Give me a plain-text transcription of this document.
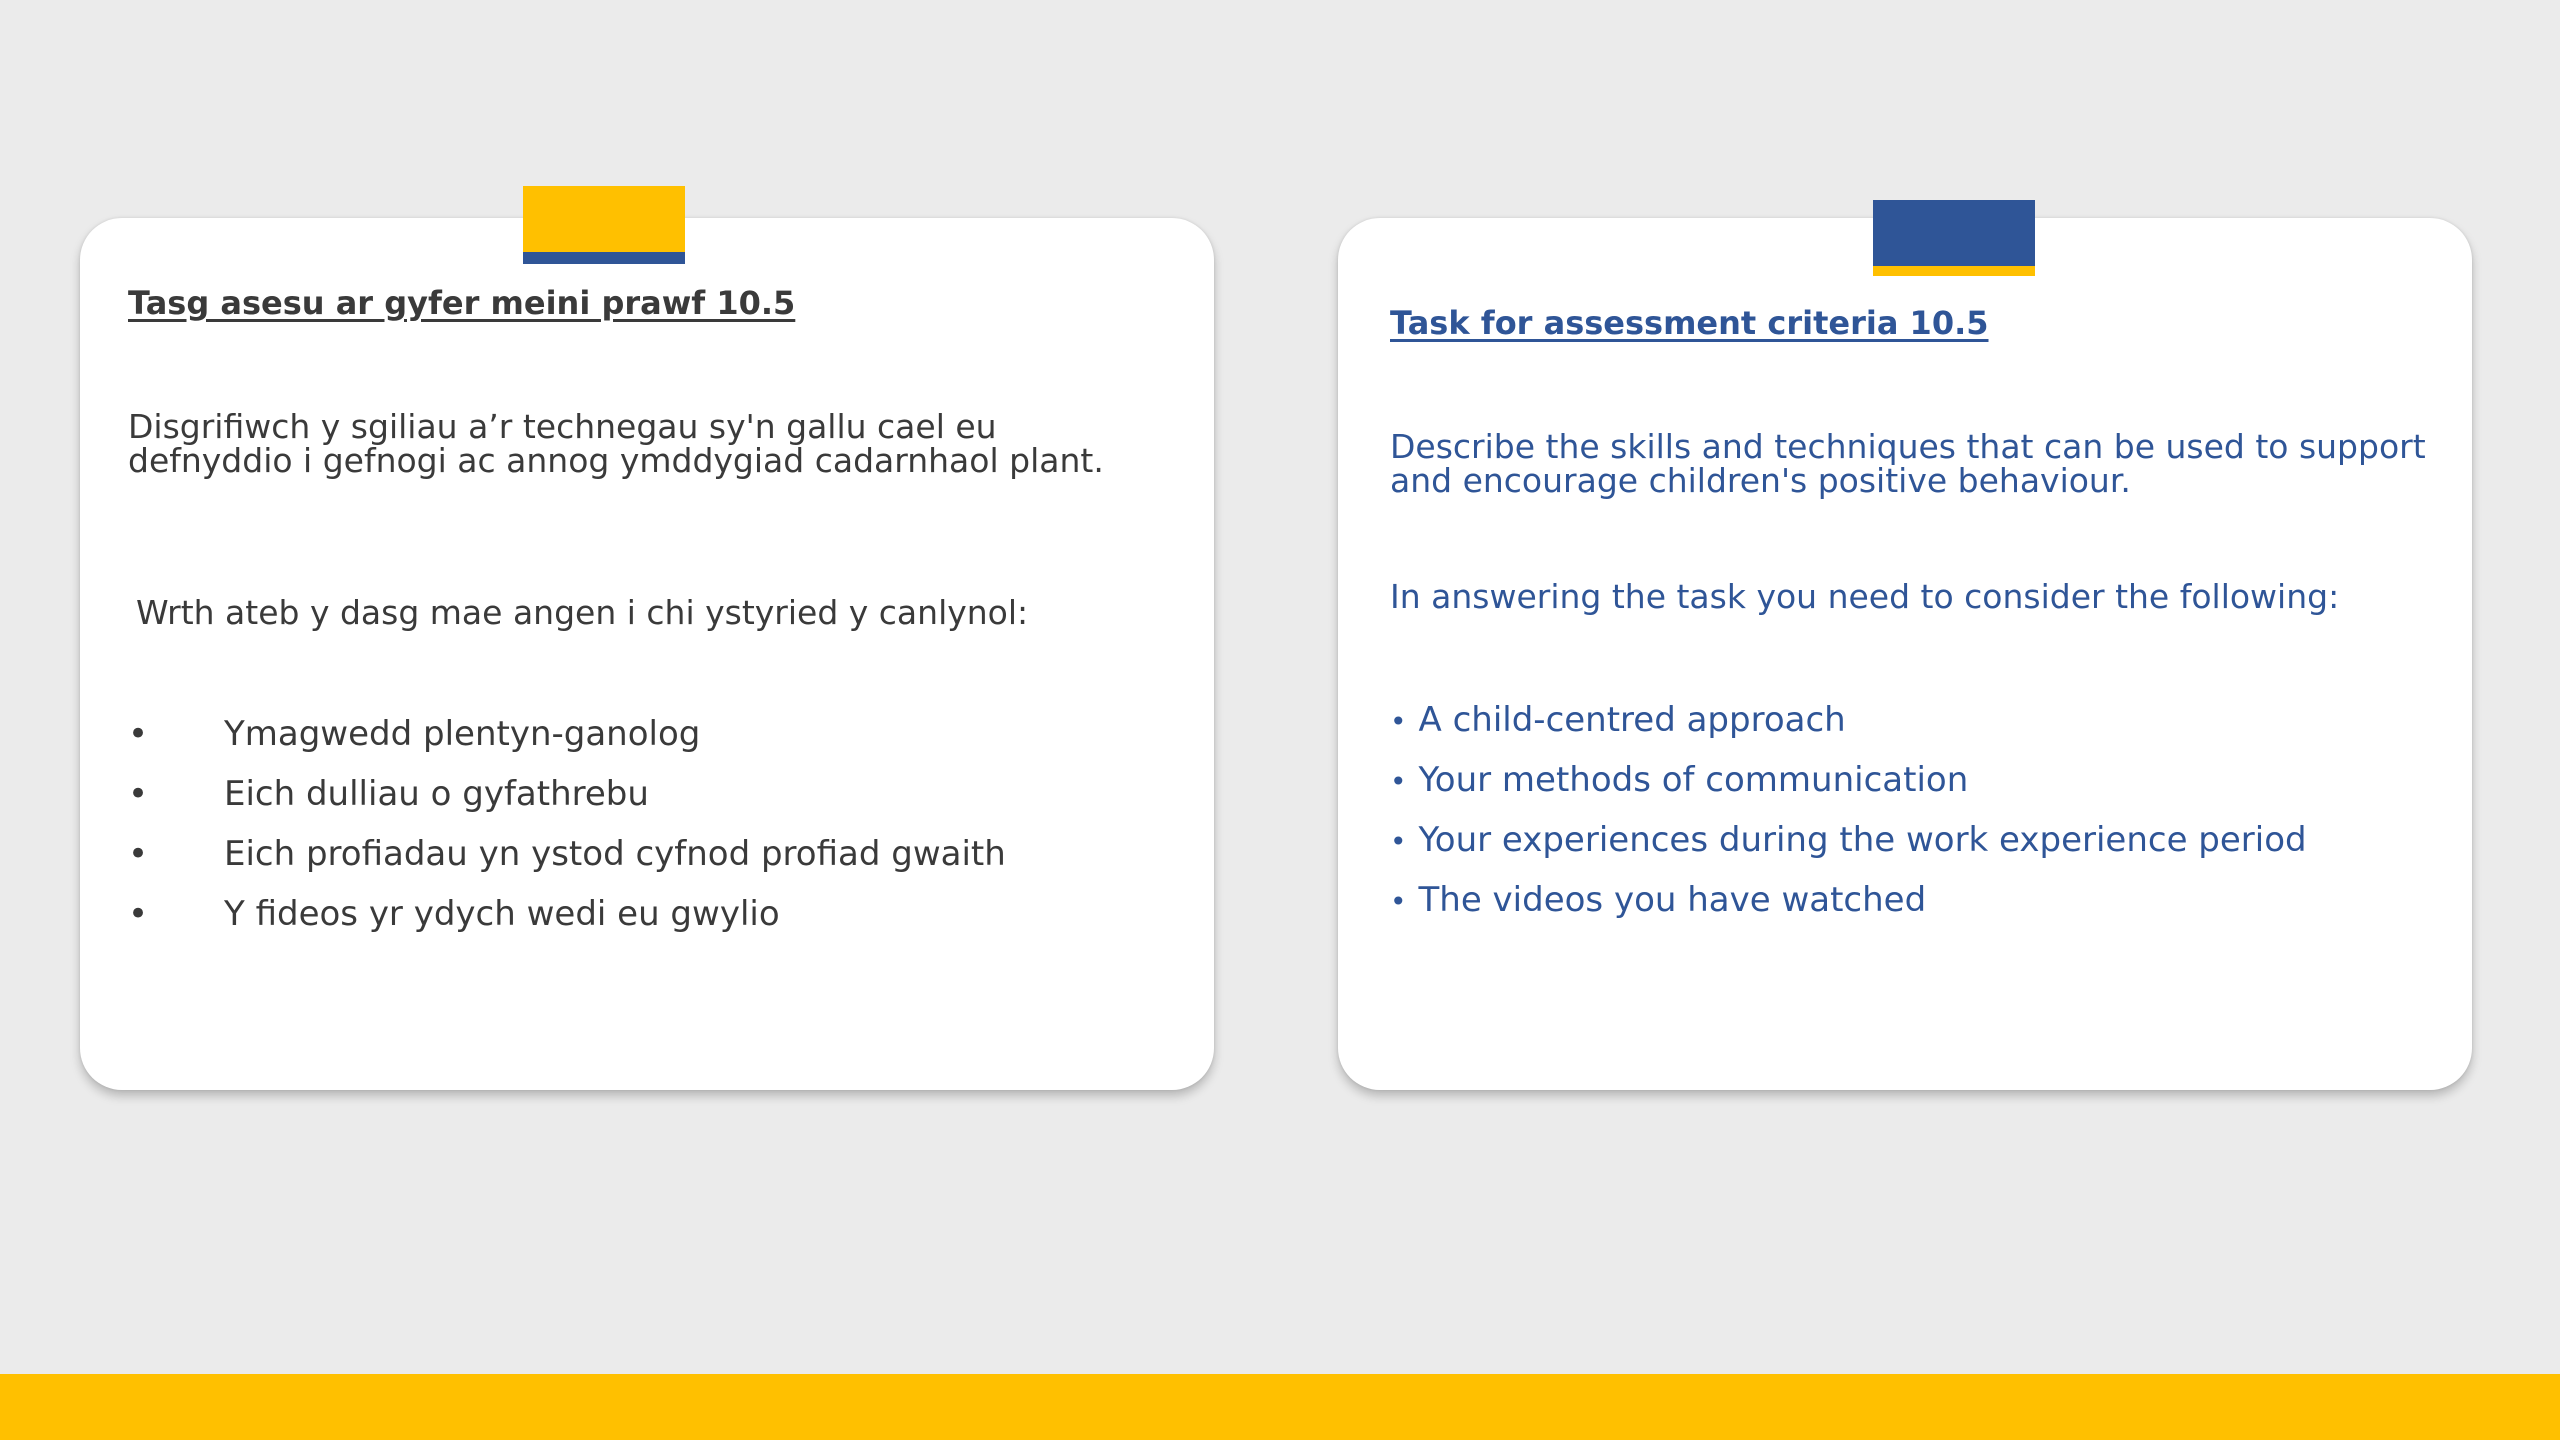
Tasg asesu ar gyfer meini prawf 10.5
Disgrifiwch y sgiliau a’r technegau sy'n gallu cael eu defnyddio i gefnogi ac annog ymddygiad cadarnhaol plant.
Wrth ateb y dasg mae angen i chi ystyried y canlynol:
• Ymagwedd plentyn-ganolog
• Eich dulliau o gyfathrebu
• Eich profiadau yn ystod cyfnod profiad gwaith
• Y fideos yr ydych wedi eu gwylio
Task for assessment criteria 10.5
Describe the skills and techniques that can be used to support and encourage children's positive behaviour.
In answering the task you need to consider the following:
• A child-centred approach
• Your methods of communication
• Your experiences during the work experience period
• The videos you have watched
